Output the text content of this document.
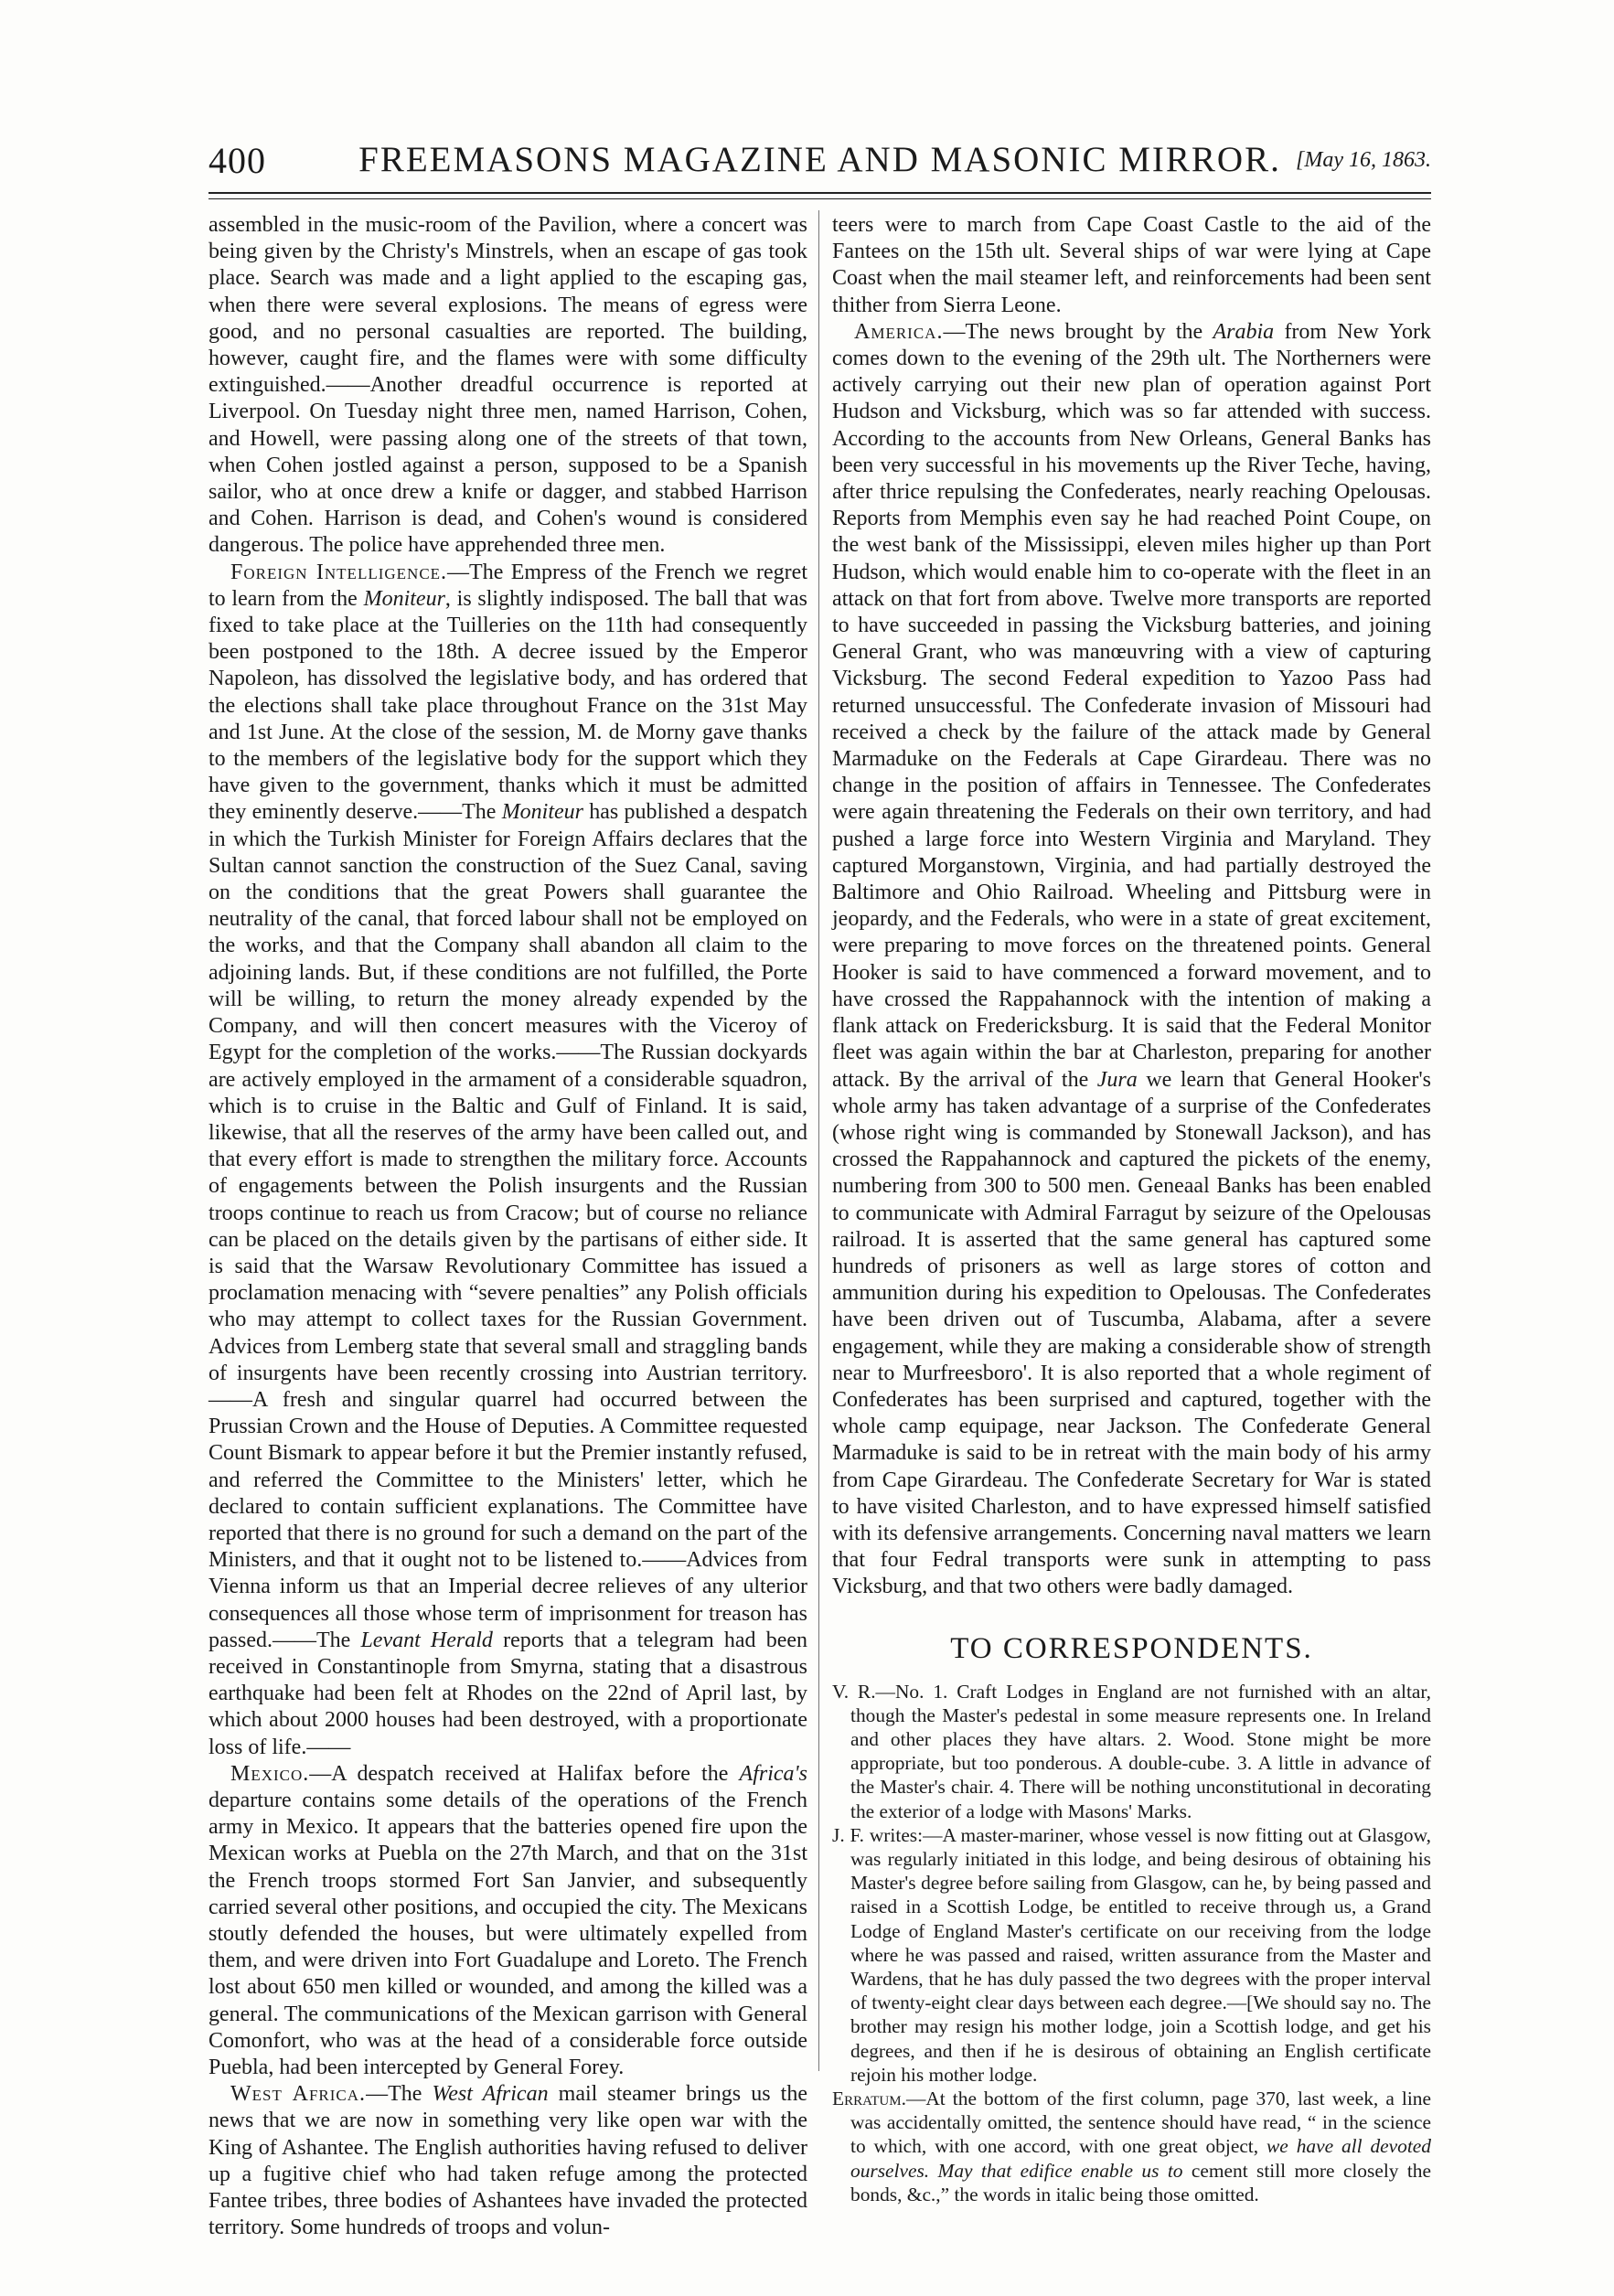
400	FREEMASONS MAGAZINE AND MASONIC MIRROR. [May 16, 1863.

assembled in the music-room of the Pavilion, where a concert was being given by the Christy's Minstrels, when an escape of gas took place. Search was made and a light applied to the escaping gas, when there were several explosions. The means of egress were good, and no personal casualties are reported. The building, however, caught fire, and the flames were with some difficulty extinguished.——Another dreadful occurrence is reported at Liverpool. On Tuesday night three men, named Harrison, Cohen, and Howell, were passing along one of the streets of that town, when Cohen jostled against a person, supposed to be a Spanish sailor, who at once drew a knife or dagger, and stabbed Harrison and Cohen. Harrison is dead, and Cohen's wound is considered dangerous. The police have apprehended three men.

Foreign Intelligence.—The Empress of the French we regret to learn from the Moniteur, is slightly indisposed. The ball that was fixed to take place at the Tuilleries on the 11th had consequently been postponed to the 18th. A decree issued by the Emperor Napoleon, has dissolved the legislative body, and has ordered that the elections shall take place throughout France on the 31st May and 1st June. At the close of the session, M. de Morny gave thanks to the members of the legislative body for the support which they have given to the government, thanks which it must be admitted they eminently deserve.——The Moniteur has published a despatch in which the Turkish Minister for Foreign Affairs declares that the Sultan cannot sanction the construction of the Suez Canal, saving on the conditions that the great Powers shall guarantee the neutrality of the canal, that forced labour shall not be employed on the works, and that the Company shall abandon all claim to the adjoining lands. But, if these conditions are not fulfilled, the Porte will be willing, to return the money already expended by the Company, and will then concert measures with the Viceroy of Egypt for the completion of the works.——The Russian dockyards are actively employed in the armament of a considerable squadron, which is to cruise in the Baltic and Gulf of Finland. It is said, likewise, that all the reserves of the army have been called out, and that every effort is made to strengthen the military force. Accounts of engagements between the Polish insurgents and the Russian troops continue to reach us from Cracow; but of course no reliance can be placed on the details given by the partisans of either side. It is said that the Warsaw Revolutionary Committee has issued a proclamation menacing with “severe penalties” any Polish officials who may attempt to collect taxes for the Russian Government. Advices from Lemberg state that several small and straggling bands of insurgents have been recently crossing into Austrian territory.——A fresh and singular quarrel had occurred between the Prussian Crown and the House of Deputies. A Committee requested Count Bismark to appear before it but the Premier instantly refused, and referred the Committee to the Ministers' letter, which he declared to contain sufficient explanations. The Committee have reported that there is no ground for such a demand on the part of the Ministers, and that it ought not to be listened to.——Advices from Vienna inform us that an Imperial decree relieves of any ulterior consequences all those whose term of imprisonment for treason has passed.——The Levant Herald reports that a telegram had been received in Constantinople from Smyrna, stating that a disastrous earthquake had been felt at Rhodes on the 22nd of April last, by which about 2000 houses had been destroyed, with a proportionate loss of life.——

Mexico.—A despatch received at Halifax before the Africa's departure contains some details of the operations of the French army in Mexico. It appears that the batteries opened fire upon the Mexican works at Puebla on the 27th March, and that on the 31st the French troops stormed Fort San Janvier, and subsequently carried several other positions, and occupied the city. The Mexicans stoutly defended the houses, but were ultimately expelled from them, and were driven into Fort Guadalupe and Loreto. The French lost about 650 men killed or wounded, and among the killed was a general. The communications of the Mexican garrison with General Comonfort, who was at the head of a considerable force outside Puebla, had been intercepted by General Forey.

West Africa.—The West African mail steamer brings us the news that we are now in something very like open war with the King of Ashantee. The English authorities having refused to deliver up a fugitive chief who had taken refuge among the protected Fantee tribes, three bodies of Ashantees have invaded the protected territory. Some hundreds of troops and volun-

teers were to march from Cape Coast Castle to the aid of the Fantees on the 15th ult. Several ships of war were lying at Cape Coast when the mail steamer left, and reinforcements had been sent thither from Sierra Leone.

America.—The news brought by the Arabia from New York comes down to the evening of the 29th ult. The Northerners were actively carrying out their new plan of operation against Port Hudson and Vicksburg, which was so far attended with success. According to the accounts from New Orleans, General Banks has been very successful in his movements up the River Teche, having, after thrice repulsing the Confederates, nearly reaching Opelousas. Reports from Memphis even say he had reached Point Coupe, on the west bank of the Mississippi, eleven miles higher up than Port Hudson, which would enable him to co-operate with the fleet in an attack on that fort from above. Twelve more transports are reported to have succeeded in passing the Vicksburg batteries, and joining General Grant, who was manœuvring with a view of capturing Vicksburg. The second Federal expedition to Yazoo Pass had returned unsuccessful. The Confederate invasion of Missouri had received a check by the failure of the attack made by General Marmaduke on the Federals at Cape Girardeau. There was no change in the position of affairs in Tennessee. The Confederates were again threatening the Federals on their own territory, and had pushed a large force into Western Virginia and Maryland. They captured Morganstown, Virginia, and had partially destroyed the Baltimore and Ohio Railroad. Wheeling and Pittsburg were in jeopardy, and the Federals, who were in a state of great excitement, were preparing to move forces on the threatened points. General Hooker is said to have commenced a forward movement, and to have crossed the Rappahannock with the intention of making a flank attack on Fredericksburg. It is said that the Federal Monitor fleet was again within the bar at Charleston, preparing for another attack. By the arrival of the Jura we learn that General Hooker's whole army has taken advantage of a surprise of the Confederates (whose right wing is commanded by Stonewall Jackson), and has crossed the Rappahannock and captured the pickets of the enemy, numbering from 300 to 500 men. Geneaal Banks has been enabled to communicate with Admiral Farragut by seizure of the Opelousas railroad. It is asserted that the same general has captured some hundreds of prisoners as well as large stores of cotton and ammunition during his expedition to Opelousas. The Confederates have been driven out of Tuscumba, Alabama, after a severe engagement, while they are making a considerable show of strength near to Murfreesboro'. It is also reported that a whole regiment of Confederates has been surprised and captured, together with the whole camp equipage, near Jackson. The Confederate General Marmaduke is said to be in retreat with the main body of his army from Cape Girardeau. The Confederate Secretary for War is stated to have visited Charleston, and to have expressed himself satisfied with its defensive arrangements. Concerning naval matters we learn that four Fedral transports were sunk in attempting to pass Vicksburg, and that two others were badly damaged.

TO CORRESPONDENTS.

V. R.—No. 1. Craft Lodges in England are not furnished with an altar, though the Master's pedestal in some measure represents one. In Ireland and other places they have altars. 2. Wood. Stone might be more appropriate, but too ponderous. A double-cube. 3. A little in advance of the Master's chair. 4. There will be nothing unconstitutional in decorating the exterior of a lodge with Masons' Marks.

J. F. writes:—A master-mariner, whose vessel is now fitting out at Glasgow, was regularly initiated in this lodge, and being desirous of obtaining his Master's degree before sailing from Glasgow, can he, by being passed and raised in a Scottish Lodge, be entitled to receive through us, a Grand Lodge of England Master's certificate on our receiving from the lodge where he was passed and raised, written assurance from the Master and Wardens, that he has duly passed the two degrees with the proper interval of twenty-eight clear days between each degree.—[We should say no. The brother may resign his mother lodge, join a Scottish lodge, and get his degrees, and then if he is desirous of obtaining an English certificate rejoin his mother lodge.

Erratum.—At the bottom of the first column, page 370, last week, a line was accidentally omitted, the sentence should have read, “ in the science to which, with one accord, with one great object, we have all devoted ourselves. May that edifice enable us to cement still more closely the bonds, &c.,” the words in italic being those omitted.
